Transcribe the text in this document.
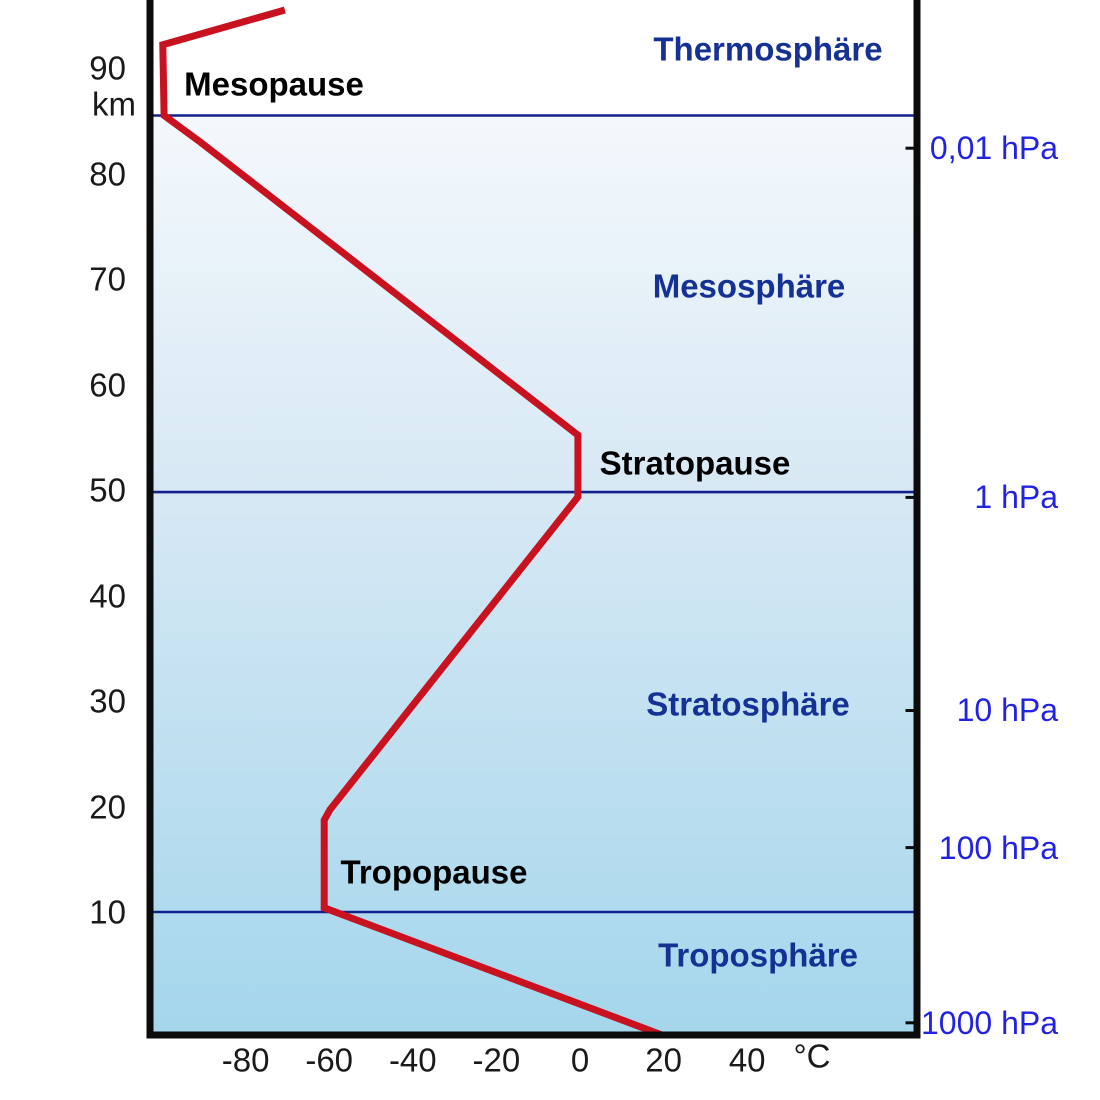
90
80
70
60
50
40
30
20
10
km
-80 -60 -40 -20 0 20 40 °C
Mesopause
Stratopause
Tropopause
Thermosphäre
Mesosphäre
Stratosphäre
Troposphäre
0,01 hPa
1 hPa
10 hPa
100 hPa
1000 hPa
